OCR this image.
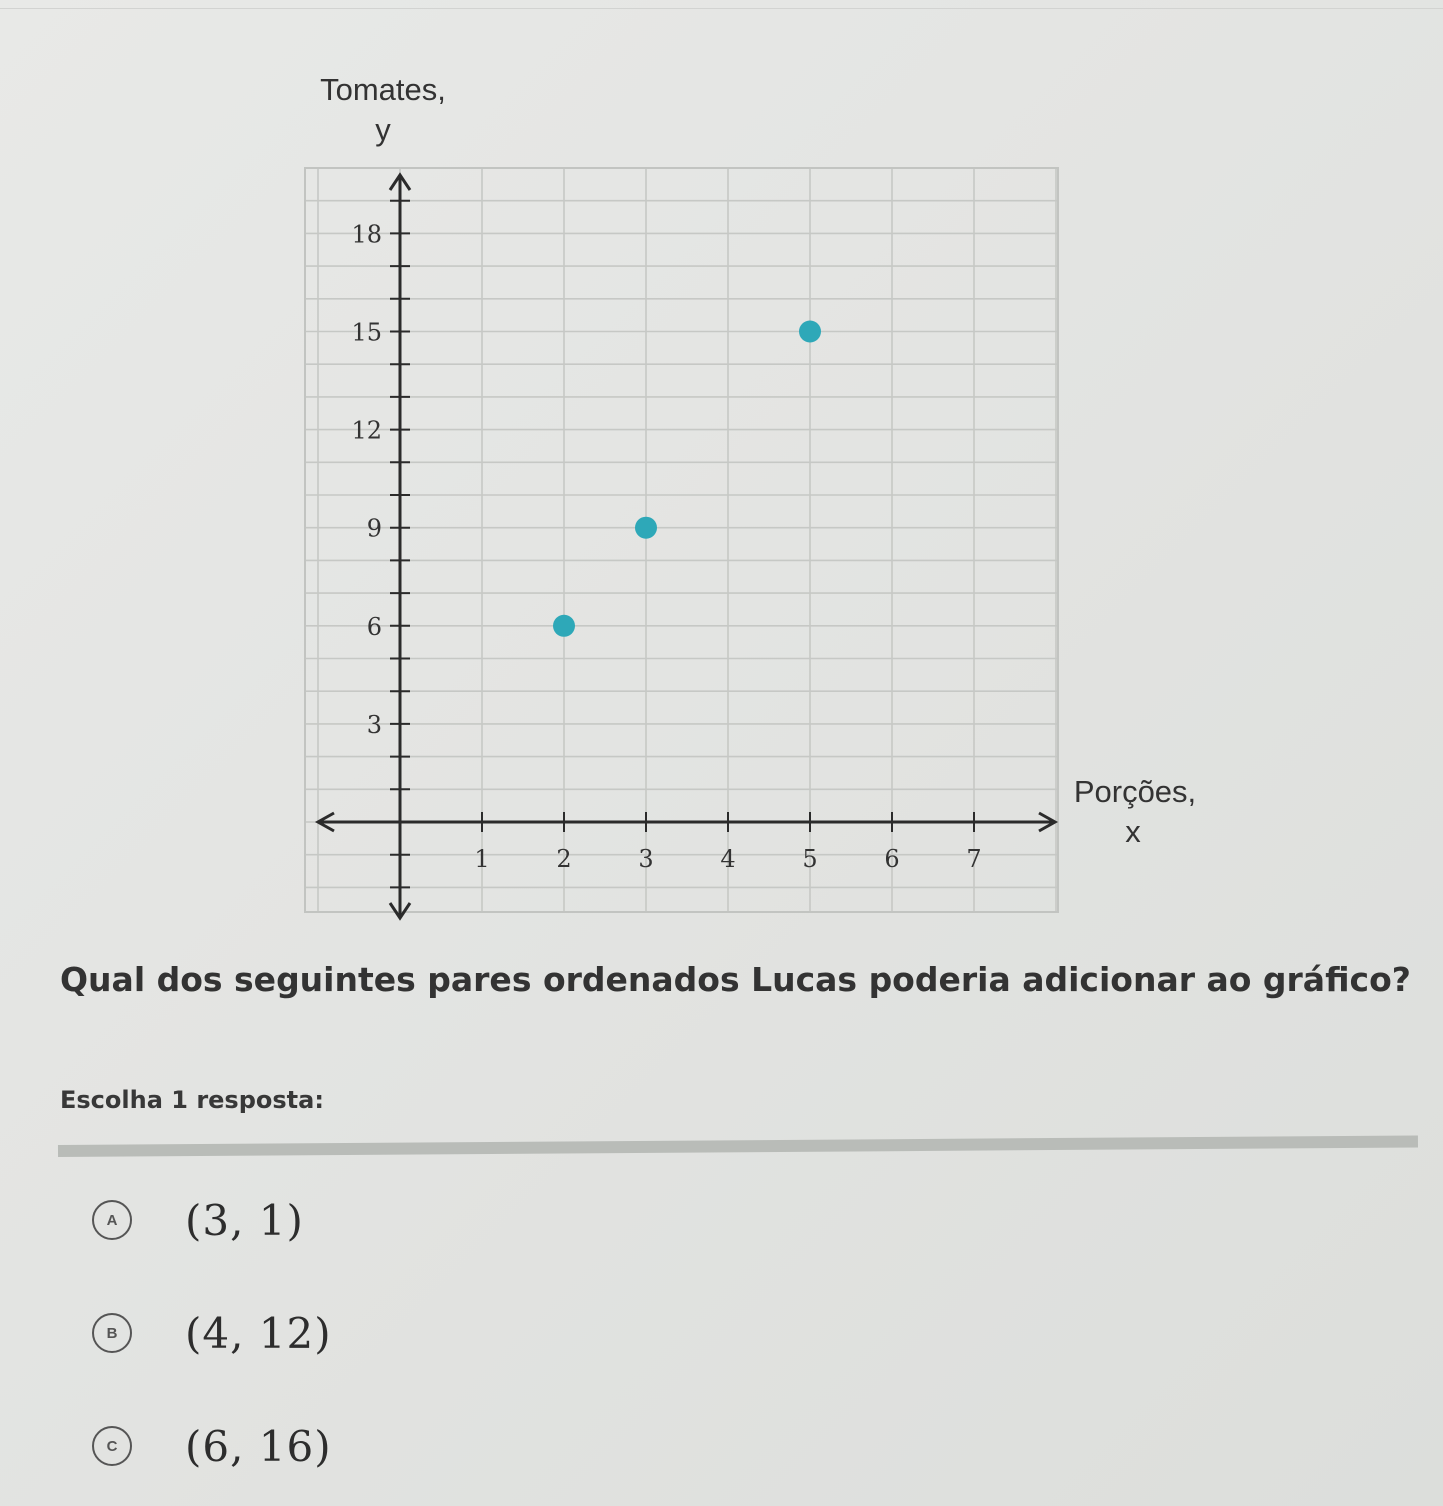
1	2	3	4	5	6	7
3
6
9
12
15
18
Tomates,
y
Porções,
x
Qual dos seguintes pares ordenados Lucas poderia adicionar ao gráfico?
Escolha 1 resposta:
A	(3, 1)
B	(4, 12)
C	(6, 16)
